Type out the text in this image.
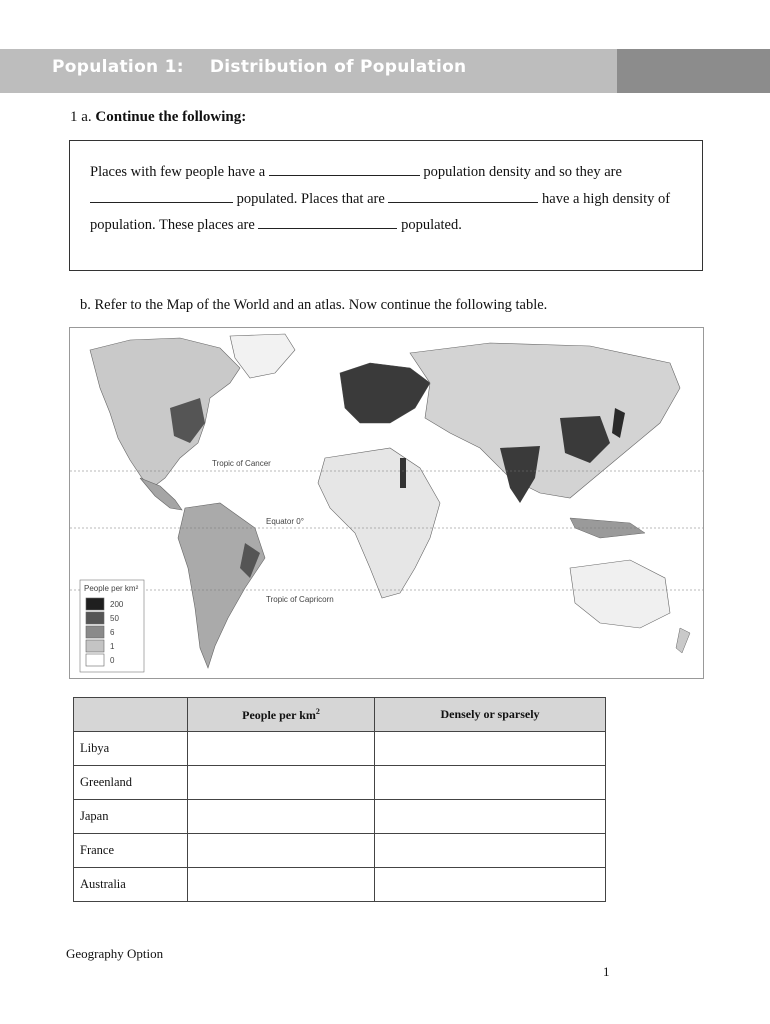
Population 1: Distribution of Population
1 a. Continue the following:

Places with few people have a	population density and so they are

populated. Places that are	have a high density of

population. These places are	populated.

b. Refer to the Map of the World and an atlas. Now continue the following table.
Tropic of Cancer
Equator 0°
Tropic of Capricorn
People per km²
200
50
6
1
0
	People per $km^2$	Densely or sparsely
Libya		
Greenland		
Japan		
France		
Australia		
Geography Option
1
